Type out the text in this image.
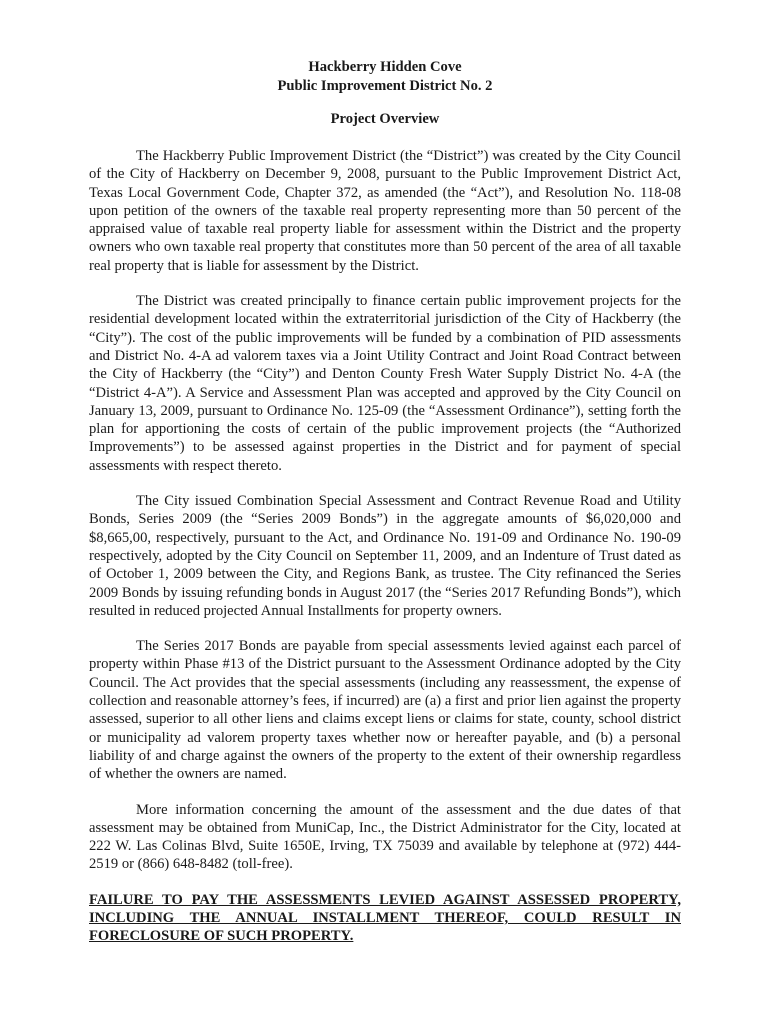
Hackberry Hidden Cove

Public Improvement District No. 2

Project Overview

The Hackberry Public Improvement District (the “District”) was created by the City Council of the City of Hackberry on December 9, 2008, pursuant to the Public Improvement District Act, Texas Local Government Code, Chapter 372, as amended (the “Act”), and Resolution No. 118-08 upon petition of the owners of the taxable real property representing more than 50 percent of the appraised value of taxable real property liable for assessment within the District and the property owners who own taxable real property that constitutes more than 50 percent of the area of all taxable real property that is liable for assessment by the District.

The District was created principally to finance certain public improvement projects for the residential development located within the extraterritorial jurisdiction of the City of Hackberry (the “City”). The cost of the public improvements will be funded by a combination of PID assessments and District No. 4-A ad valorem taxes via a Joint Utility Contract and Joint Road Contract between the City of Hackberry (the “City”) and Denton County Fresh Water Supply District No. 4-A (the “District 4-A”). A Service and Assessment Plan was accepted and approved by the City Council on January 13, 2009, pursuant to Ordinance No. 125-09 (the “Assessment Ordinance”), setting forth the plan for apportioning the costs of certain of the public improvement projects (the “Authorized Improvements”) to be assessed against properties in the District and for payment of special assessments with respect thereto.

The City issued Combination Special Assessment and Contract Revenue Road and Utility Bonds, Series 2009 (the “Series 2009 Bonds”) in the aggregate amounts of $6,020,000 and $8,665,00, respectively, pursuant to the Act, and Ordinance No. 191-09 and Ordinance No. 190-09 respectively, adopted by the City Council on September 11, 2009, and an Indenture of Trust dated as of October 1, 2009 between the City, and Regions Bank, as trustee. The City refinanced the Series 2009 Bonds by issuing refunding bonds in August 2017 (the “Series 2017 Refunding Bonds”), which resulted in reduced projected Annual Installments for property owners.

The Series 2017 Bonds are payable from special assessments levied against each parcel of property within Phase #13 of the District pursuant to the Assessment Ordinance adopted by the City Council. The Act provides that the special assessments (including any reassessment, the expense of collection and reasonable attorney’s fees, if incurred) are (a) a first and prior lien against the property assessed, superior to all other liens and claims except liens or claims for state, county, school district or municipality ad valorem property taxes whether now or hereafter payable, and (b) a personal liability of and charge against the owners of the property to the extent of their ownership regardless of whether the owners are named.

More information concerning the amount of the assessment and the due dates of that assessment may be obtained from MuniCap, Inc., the District Administrator for the City, located at 222 W. Las Colinas Blvd, Suite 1650E, Irving, TX 75039 and available by telephone at (972) 444-2519 or (866) 648-8482 (toll-free).

FAILURE TO PAY THE ASSESSMENTS LEVIED AGAINST ASSESSED PROPERTY, INCLUDING THE ANNUAL INSTALLMENT THEREOF, COULD RESULT IN FORECLOSURE OF SUCH PROPERTY.
